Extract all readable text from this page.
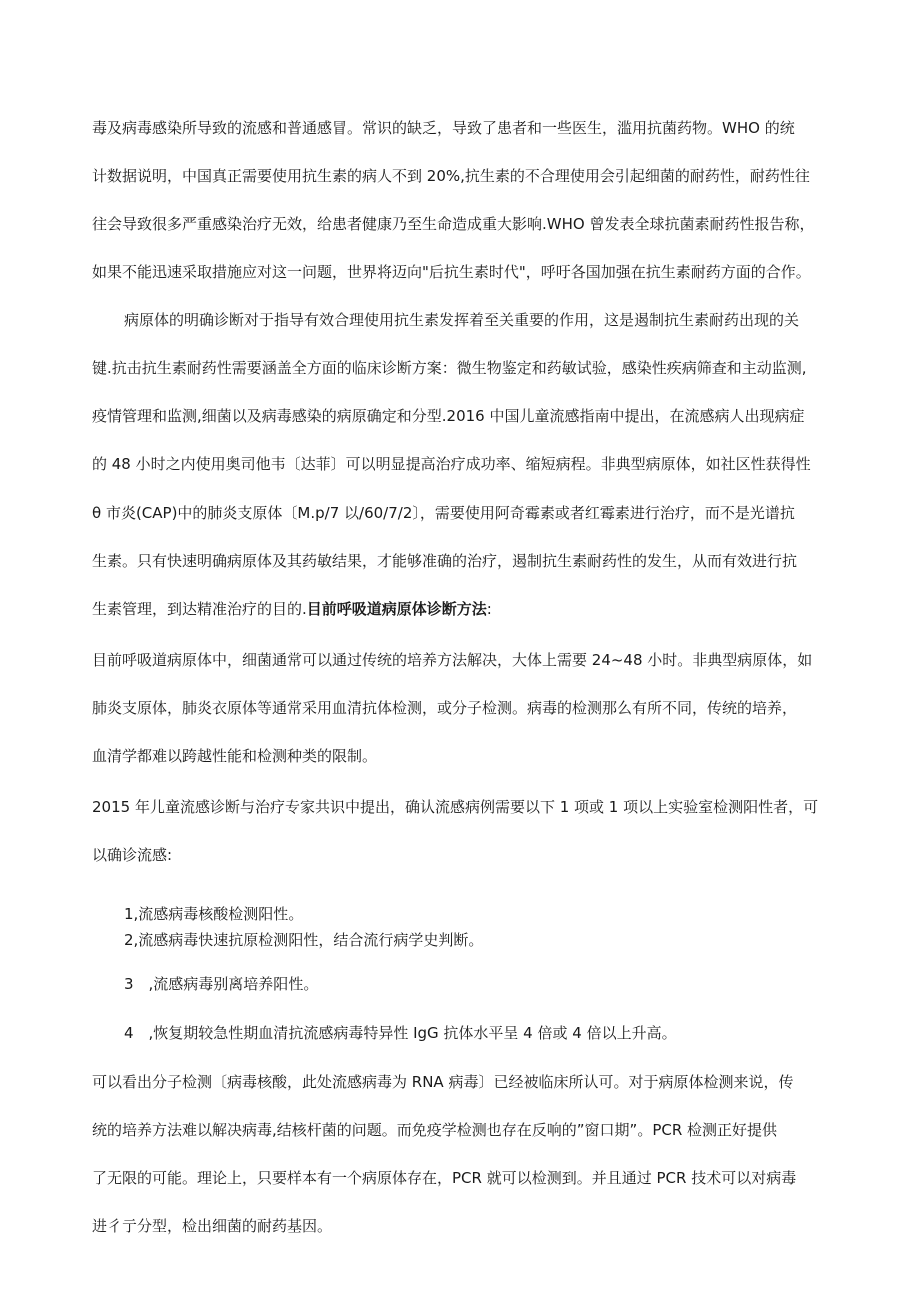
毒及病毒感染所导致的流感和普通感冒。常识的缺乏，导致了患者和一些医生，滥用抗菌药物。WHO 的统
计数据说明，中国真正需要使用抗生素的病人不到 20%,抗生素的不合理使用会引起细菌的耐药性，耐药性往
往会导致很多严重感染治疗无效，给患者健康乃至生命造成重大影响.WHO 曾发表全球抗菌素耐药性报告称，
如果不能迅速采取措施应对这一问题，世界将迈向"后抗生素时代"，呼吁各国加强在抗生素耐药方面的合作。
病原体的明确诊断对于指导有效合理使用抗生素发挥着至关重要的作用，这是遏制抗生素耐药出现的关
键.抗击抗生素耐药性需要涵盖全方面的临床诊断方案：微生物鉴定和药敏试验，感染性疾病筛查和主动监测,
疫情管理和监测,细菌以及病毒感染的病原确定和分型.2016 中国儿童流感指南中提出，在流感病人出现病症
的 48 小时之内使用奥司他韦〔达菲〕可以明显提高治疗成功率、缩短病程。非典型病原体，如社区性获得性
θ 市炎(CAP)中的肺炎支原体〔M.p/7 以/60/7/2〕，需要使用阿奇霉素或者红霉素进行治疗，而不是光谱抗
生素。只有快速明确病原体及其药敏结果，才能够准确的治疗，遏制抗生素耐药性的发生，从而有效进行抗
生素管理，到达精准治疗的目的.目前呼吸道病原体诊断方法:
目前呼吸道病原体中，细菌通常可以通过传统的培养方法解决，大体上需要 24~48 小时。非典型病原体，如
肺炎支原体，肺炎衣原体等通常采用血清抗体检测，或分子检测。病毒的检测那么有所不同，传统的培养，
血清学都难以跨越性能和检测种类的限制。
2015 年儿童流感诊断与治疗专家共识中提出，确认流感病例需要以下 1 项或 1 项以上实验室检测阳性者，可
以确诊流感:
1,流感病毒核酸检测阳性。
2,流感病毒快速抗原检测阳性，结合流行病学史判断。
3　,流感病毒别离培养阳性。
4　,恢复期较急性期血清抗流感病毒特异性 IgG 抗体水平呈 4 倍或 4 倍以上升高。
可以看出分子检测〔病毒核酸，此处流感病毒为 RNA 病毒〕已经被临床所认可。对于病原体检测来说，传
统的培养方法难以解决病毒,结核杆菌的问题。而免疫学检测也存在反响的”窗口期”。PCR 检测正好提供
了无限的可能。理论上，只要样本有一个病原体存在，PCR 就可以检测到。并且通过 PCR 技术可以对病毒
进彳亍分型，检出细菌的耐药基因。
